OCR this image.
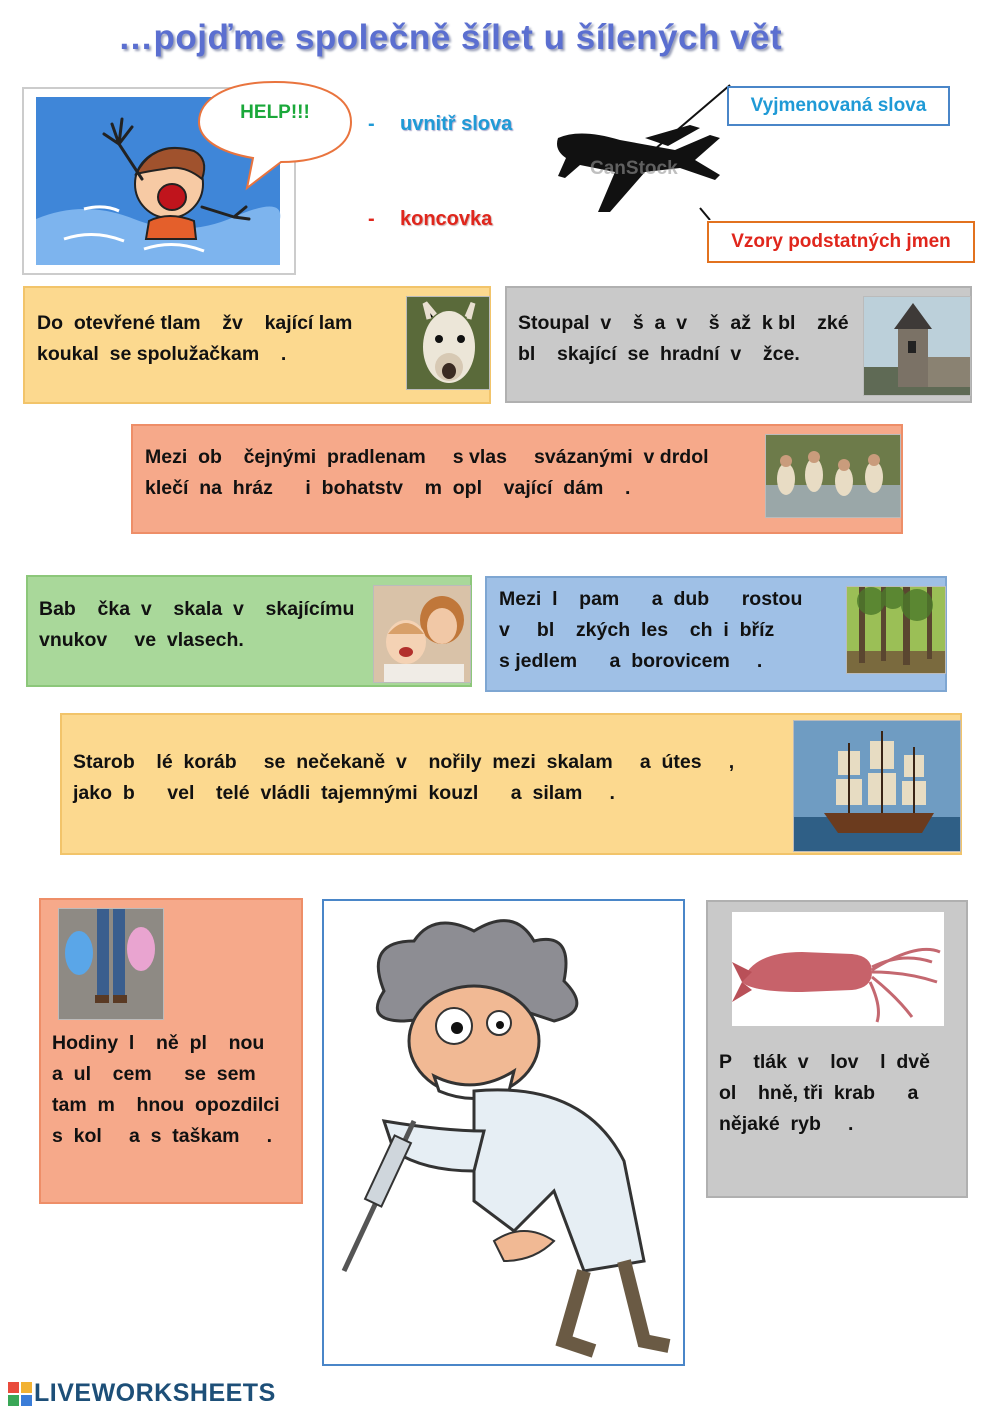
…pojďme společně šílet u šílených vět
HELP!!!
- uvnitř slova
- koncovka
CanStock
Vyjmenovaná slova
Vzory podstatných jmen
Do  otevřené tlam    žv    kající lam
koukal  se spolužačkam    .
Stoupal  v    š  a  v    š  až  k bl    zké
bl    skající  se  hradní  v    žce.
Mezi  ob    čejnými  pradlenam     s vlas     svázanými  v drdol
klečí  na  hráz      i  bohatstv    m  opl    vající  dám    .
Bab    čka  v    skala  v    skajícímu
vnukov     ve  vlasech.
Mezi  l    pam      a  dub      rostou
v     bl    zkých  les    ch  i  bříz
s jedlem      a  borovicem     .
Starob    lé  koráb     se  nečekaně  v    nořily  mezi  skalam     a  útes     ,
jako  b      vel    telé  vládli  tajemnými  kouzl      a  silam     .
Hodiny  l    ně  pl    nou
a  ul    cem      se  sem
tam  m    hnou  opozdilci
s  kol     a  s  taškam     .
P    tlák  v    lov    l  dvě
ol    hně, tři  krab      a
nějaké  ryb     .
LIVEWORKSHEETS
